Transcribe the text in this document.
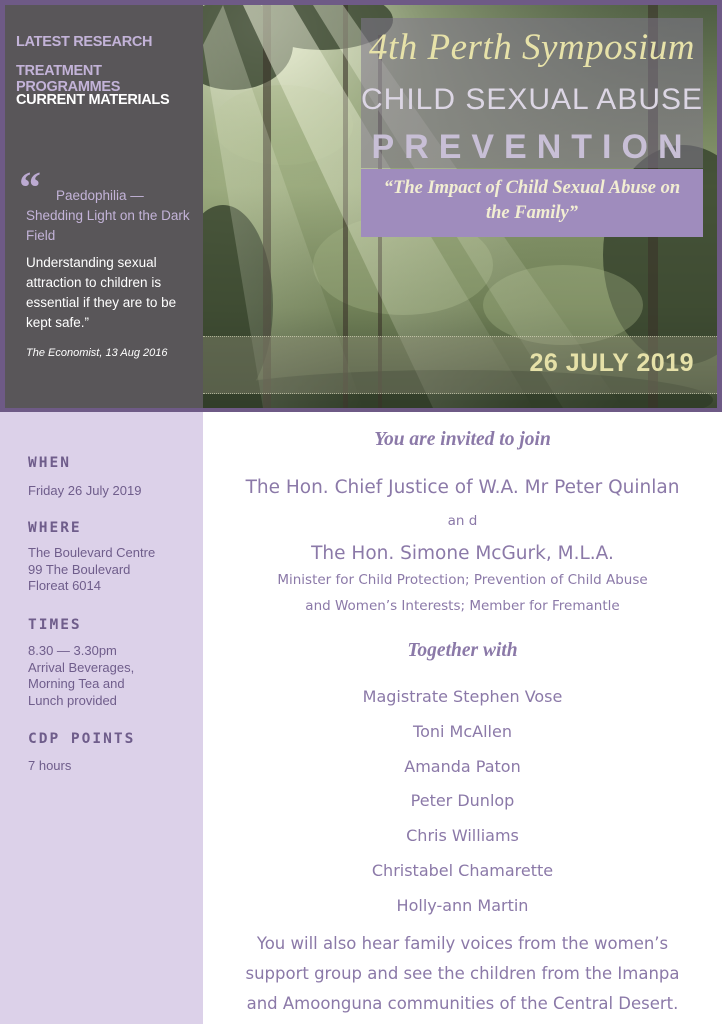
LATEST RESEARCH
TREATMENT PROGRAMMES
CURRENT MATERIALS
“	Paedophilia — Shedding Light on the Dark Field
Understanding sexual attraction to children is essential if they are to be kept safe.”
The Economist, 13 Aug 2016
4th Perth Symposium
CHILD SEXUAL ABUSE
PREVENTION
“The Impact of Child Sexual Abuse on the Family”
26 JULY 2019
WHEN
Friday 26 July 2019
WHERE
The Boulevard Centre
99 The Boulevard
Floreat 6014
TIMES
8.30 — 3.30pm
Arrival Beverages,
Morning Tea and
Lunch provided
CDP POINTS
7 hours
You are invited to join
The Hon. Chief Justice of W.A. Mr Peter Quinlan
an d
The Hon. Simone McGurk, M.L.A.
Minister for Child Protection; Prevention of Child Abuse
and Women’s Interests; Member for Fremantle
Together with
Magistrate Stephen Vose
Toni McAllen
Amanda Paton
Peter Dunlop
Chris Williams
Christabel Chamarette
Holly-ann Martin
You will also hear family voices from the women’s
support group and see the children from the Imanpa
and Amoonguna communities of the Central Desert.
